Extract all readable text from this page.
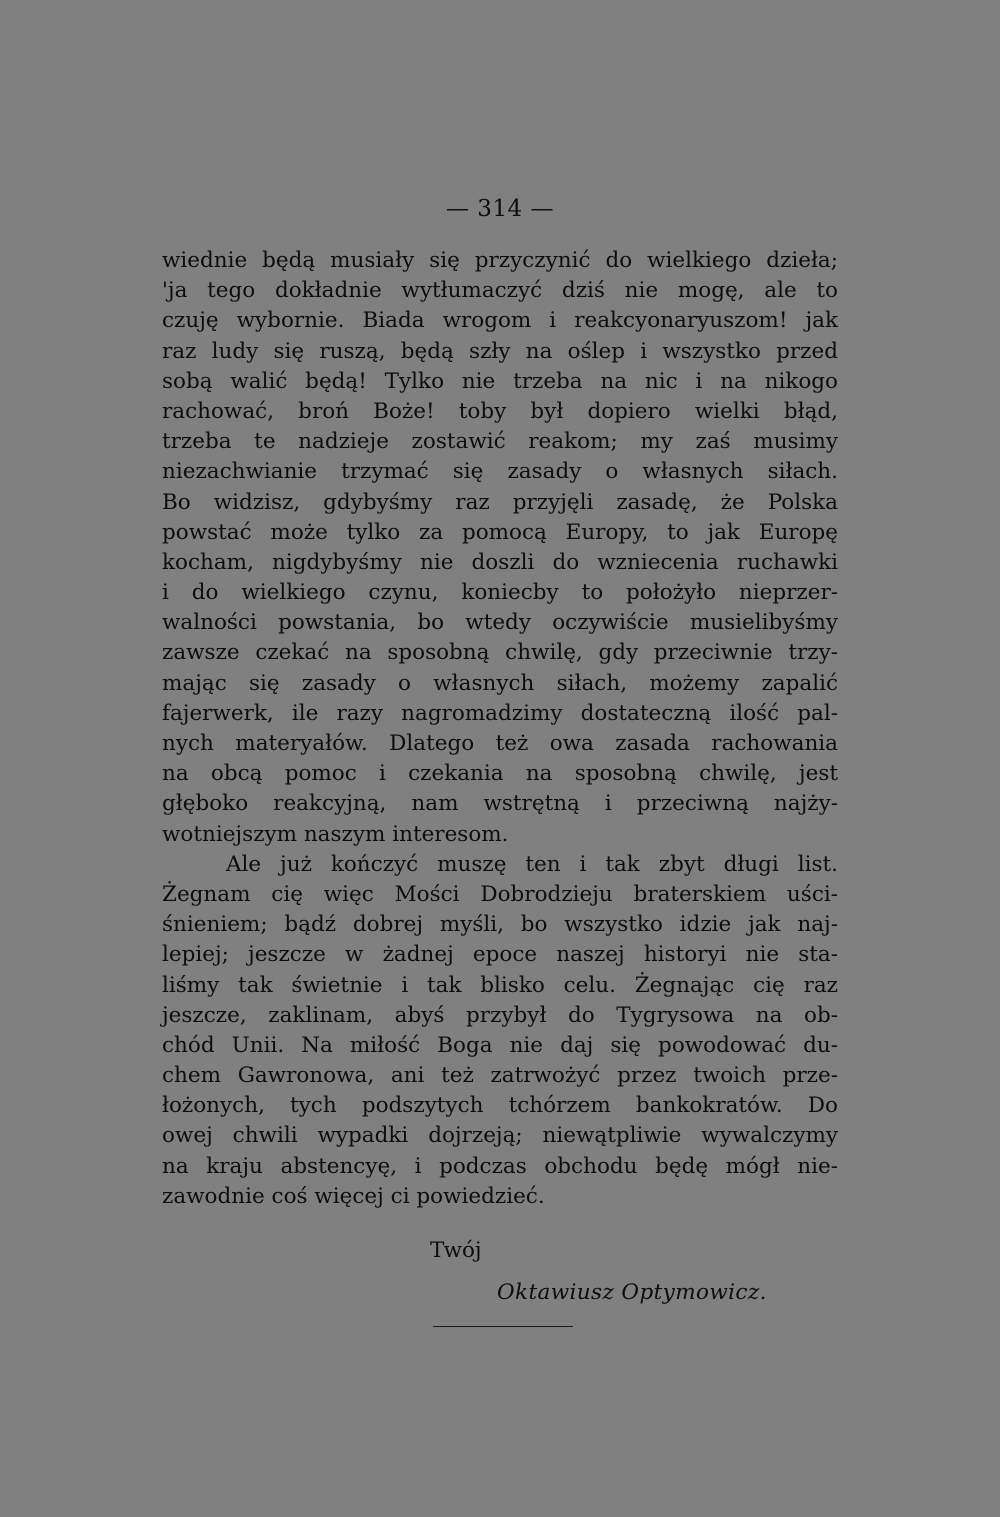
— 314 —
wiednie będą musiały się przyczynić do wielkiego dzieła;
'ja tego dokładnie wytłumaczyć dziś nie mogę, ale to
czuję wybornie. Biada wrogom i reakcyonaryuszom! jak
raz ludy się ruszą, będą szły na oślep i wszystko przed
sobą walić będą! Tylko nie trzeba na nic i na nikogo
rachować, broń Boże! toby był dopiero wielki błąd,
trzeba te nadzieje zostawić reakom; my zaś musimy
niezachwianie trzymać się zasady o własnych siłach.
Bo widzisz, gdybyśmy raz przyjęli zasadę, że Polska
powstać może tylko za pomocą Europy, to jak Europę
kocham, nigdybyśmy nie doszli do wzniecenia ruchawki
i do wielkiego czynu, koniecby to położyło nieprzer-
walności powstania, bo wtedy oczywiście musielibyśmy
zawsze czekać na sposobną chwilę, gdy przeciwnie trzy-
mając się zasady o własnych siłach, możemy zapalić
fajerwerk, ile razy nagromadzimy dostateczną ilość pal-
nych materyałów. Dlatego też owa zasada rachowania
na obcą pomoc i czekania na sposobną chwilę, jest
głęboko reakcyjną, nam wstrętną i przeciwną najży-
wotniejszym naszym interesom.
Ale już kończyć muszę ten i tak zbyt długi list.
Żegnam cię więc Mości Dobrodzieju braterskiem uści-
śnieniem; bądź dobrej myśli, bo wszystko idzie jak naj-
lepiej; jeszcze w żadnej epoce naszej historyi nie sta-
liśmy tak świetnie i tak blisko celu. Żegnając cię raz
jeszcze, zaklinam, abyś przybył do Tygrysowa na ob-
chód Unii. Na miłość Boga nie daj się powodować du-
chem Gawronowa, ani też zatrwożyć przez twoich prze-
łożonych, tych podszytych tchórzem bankokratów. Do
owej chwili wypadki dojrzeją; niewątpliwie wywalczymy
na kraju abstencyę, i podczas obchodu będę mógł nie-
zawodnie coś więcej ci powiedzieć.
Twój
Oktawiusz Optymowicz.
